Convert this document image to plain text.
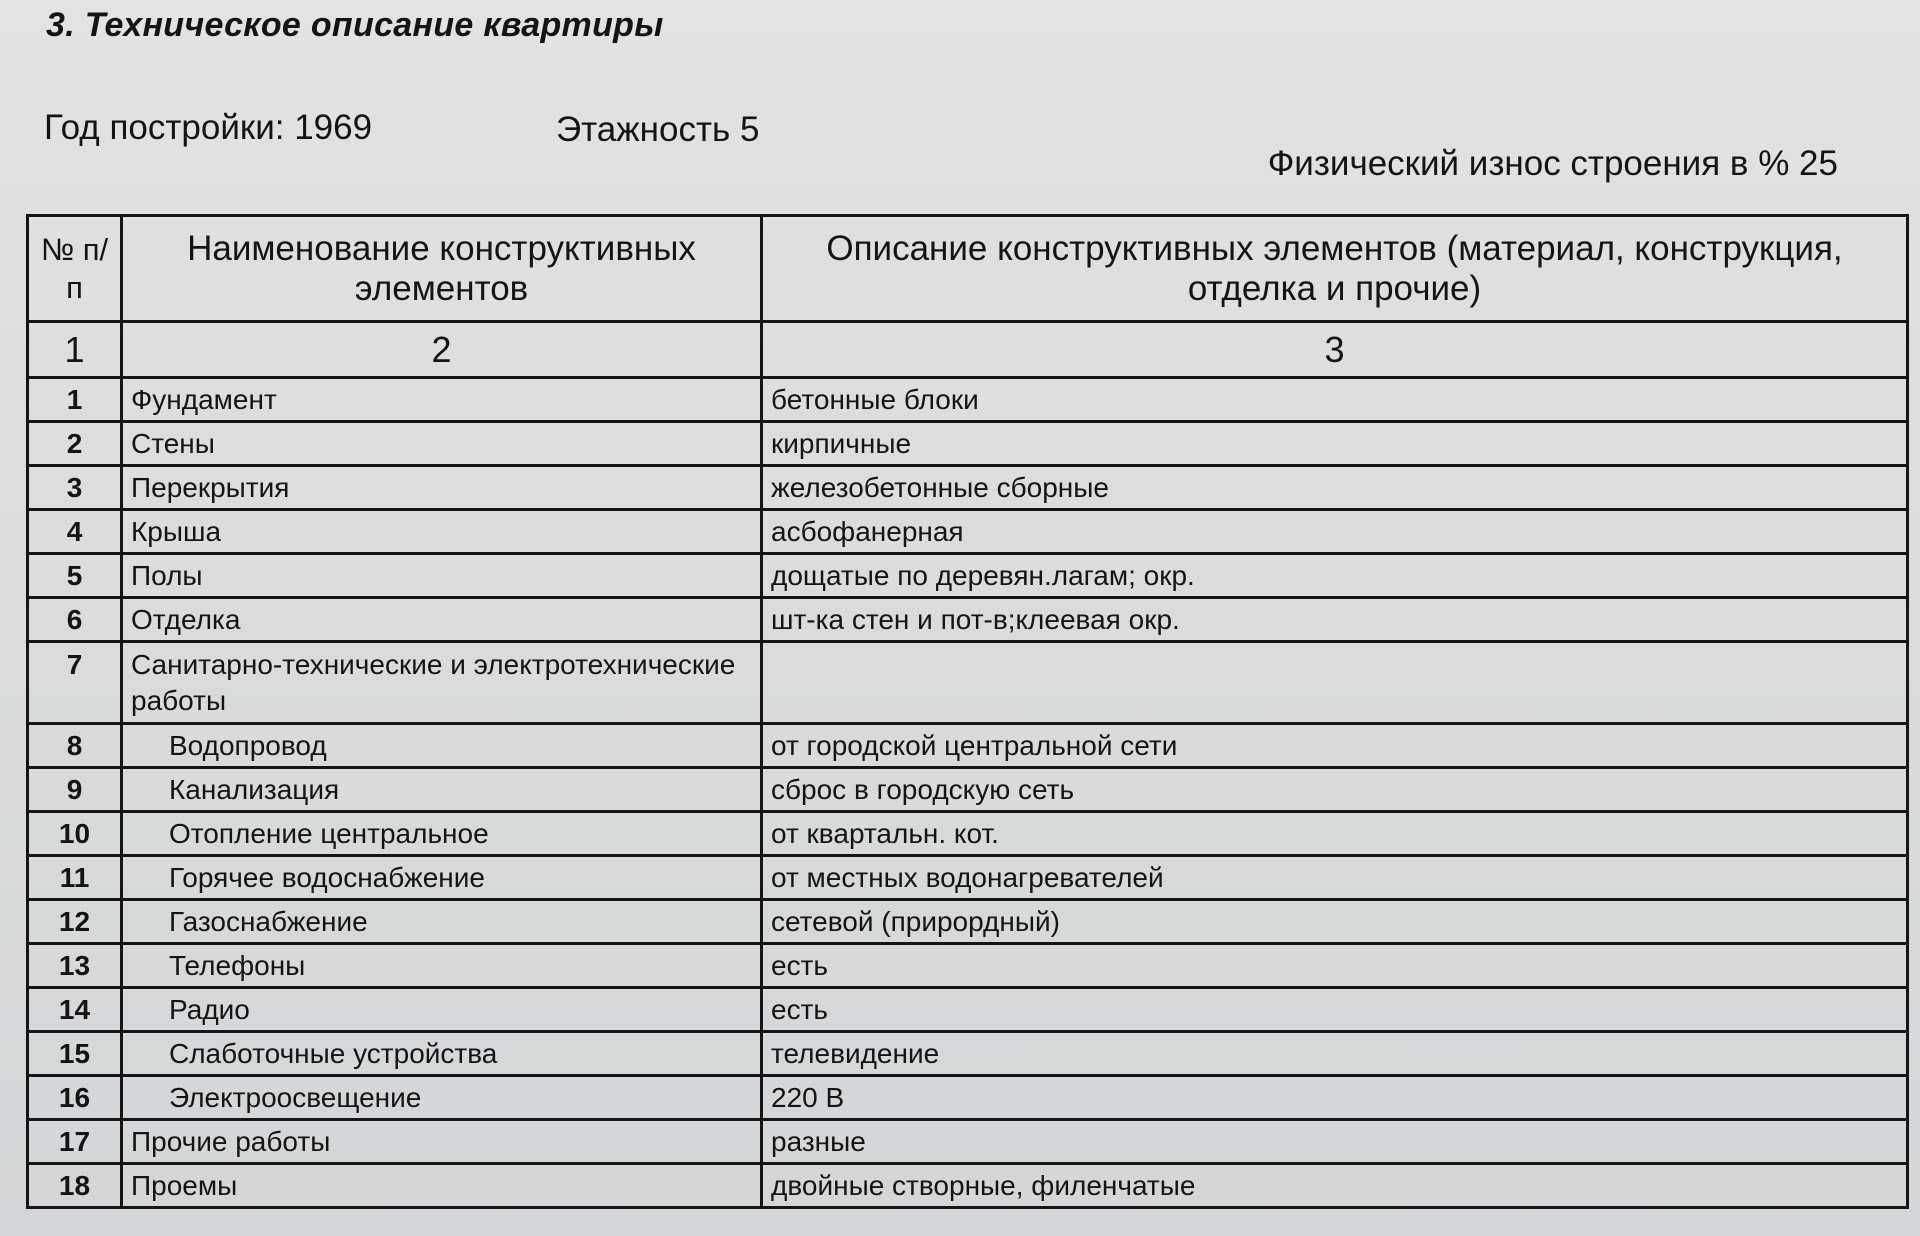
3. Техническое описание квартиры
Год постройки: 1969	Этажность 5
Физический износ строения в % 25
№ п/п	Наименование конструктивных элементов	Описание конструктивных элементов (материал, конструкция, отделка и прочие)
1	2	3
1	Фундамент	бетонные блоки
2	Стены	кирпичные
3	Перекрытия	железобетонные сборные
4	Крыша	асбофанерная
5	Полы	дощатые по деревян.лагам; окр.
6	Отделка	шт-ка стен и пот-в;клеевая окр.
7	Санитарно-технические и электротехнические работы	
8	Водопровод	от городской центральной сети
9	Канализация	сброс в городскую сеть
10	Отопление центральное	от квартальн. кот.
11	Горячее водоснабжение	от местных водонагревателей
12	Газоснабжение	сетевой (прирордный)
13	Телефоны	есть
14	Радио	есть
15	Слаботочные устройства	телевидение
16	Электроосвещение	220 В
17	Прочие работы	разные
18	Проемы	двойные створные, филенчатые
